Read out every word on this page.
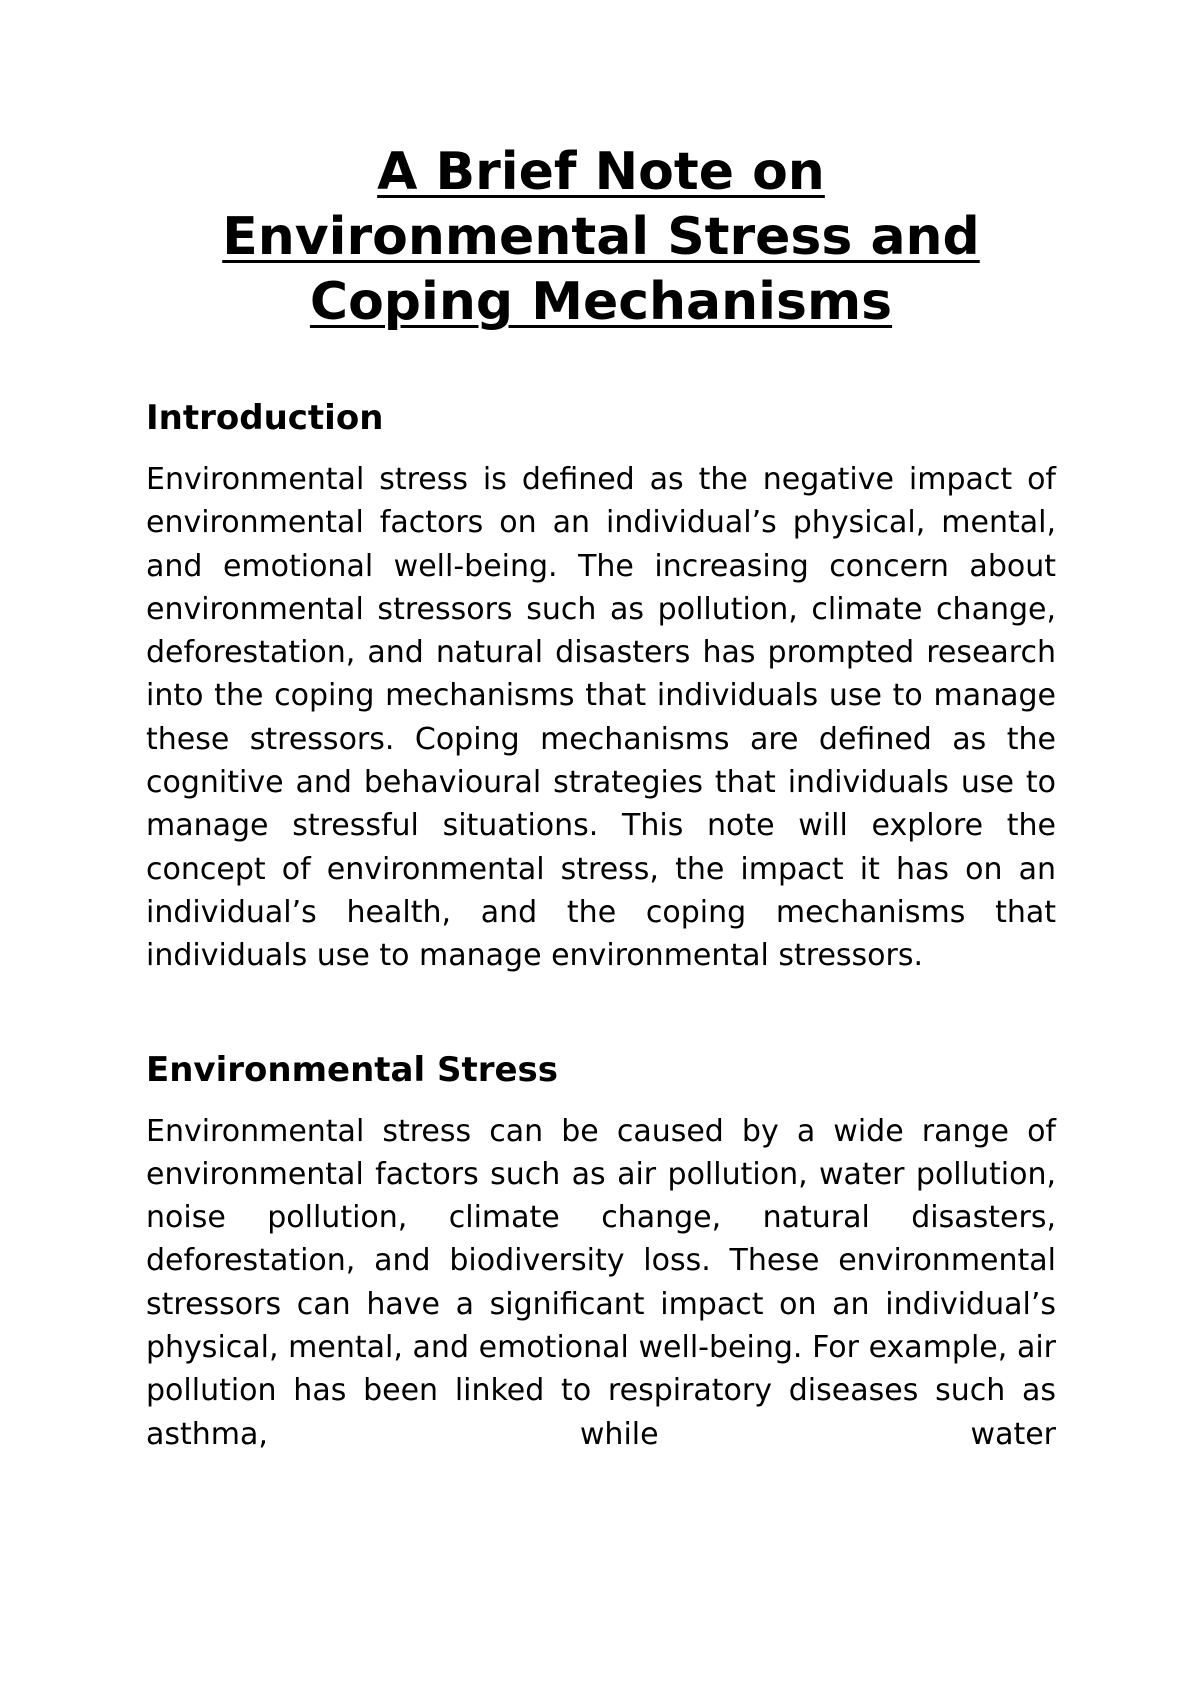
A Brief Note on
Environmental Stress and
Coping Mechanisms
Introduction

Environmental stress is defined as the negative impact of environmental factors on an individual’s physical, mental, and emotional well-being. The increasing concern about environmental stressors such as pollution, climate change, deforestation, and natural disasters has prompted research into the coping mechanisms that individuals use to manage these stressors. Coping mechanisms are defined as the cognitive and behavioural strategies that individuals use to manage stressful situations. This note will explore the concept of environmental stress, the impact it has on an individual’s health, and the coping mechanisms that individuals use to manage environmental stressors.

Environmental Stress

Environmental stress can be caused by a wide range of environmental factors such as air pollution, water pollution, noise pollution, climate change, natural disasters, deforestation, and biodiversity loss. These environmental stressors can have a significant impact on an individual’s physical, mental, and emotional well-being. For example, air pollution has been linked to respiratory diseases such as asthma, while water
